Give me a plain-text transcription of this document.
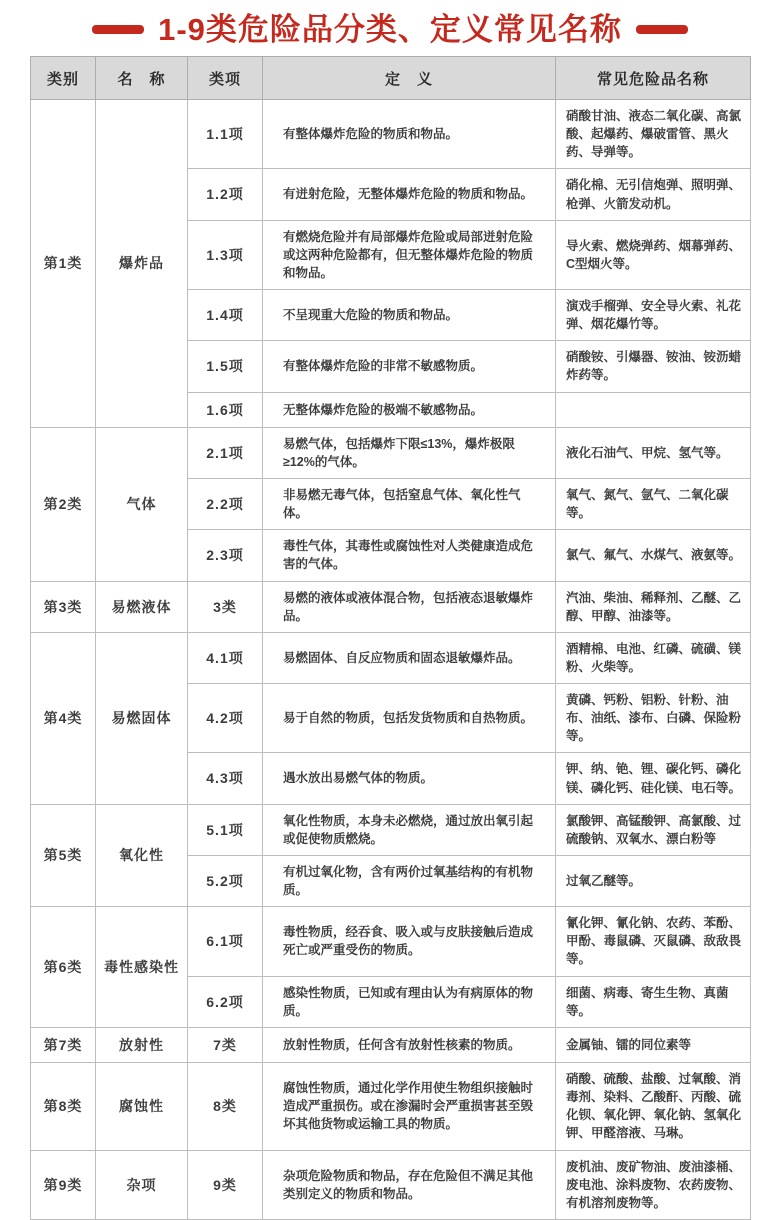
1-9类危险品分类、定义常见名称
类别	名　称	类项	定　义	常见危险品名称
第1类	爆炸品	1.1项	有整体爆炸危险的物质和物品。	硝酸甘油、液态二氧化碳、高氯酸、起爆药、爆破雷管、黑火药、导弹等。
		1.2项	有迸射危险，无整体爆炸危险的物质和物品。	硝化棉、无引信炮弹、照明弹、枪弹、火箭发动机。
		1.3项	有燃烧危险并有局部爆炸危险或局部迸射危险或这两种危险都有，但无整体爆炸危险的物质和物品。	导火索、燃烧弹药、烟幕弹药、C型烟火等。
		1.4项	不呈现重大危险的物质和物品。	演戏手榴弹、安全导火索、礼花弹、烟花爆竹等。
		1.5项	有整体爆炸危险的非常不敏感物质。	硝酸铵、引爆器、铵油、铵沥蜡炸药等。
		1.6项	无整体爆炸危险的极端不敏感物品。	
第2类	气体	2.1项	易燃气体，包括爆炸下限≤13%，爆炸极限≥12%的气体。	液化石油气、甲烷、氢气等。
		2.2项	非易燃无毒气体，包括窒息气体、氧化性气体。	氧气、氮气、氩气、二氧化碳等。
		2.3项	毒性气体，其毒性或腐蚀性对人类健康造成危害的气体。	氯气、氟气、水煤气、液氨等。
第3类	易燃液体	3类	易燃的液体或液体混合物，包括液态退敏爆炸品。	汽油、柴油、稀释剂、乙醚、乙醇、甲醇、油漆等。
第4类	易燃固体	4.1项	易燃固体、自反应物质和固态退敏爆炸品。	酒精棉、电池、红磷、硫磺、镁粉、火柴等。
		4.2项	易于自然的物质，包括发货物质和自热物质。	黄磷、钙粉、铝粉、针粉、油布、油纸、漆布、白磷、保险粉等。
		4.3项	遇水放出易燃气体的物质。	钾、纳、铯、锂、碳化钙、磷化镁、磷化钙、硅化镁、电石等。
第5类	氧化性	5.1项	氧化性物质，本身未必燃烧，通过放出氧引起或促使物质燃烧。	氯酸钾、高锰酸钾、高氯酸、过硫酸钠、双氧水、漂白粉等
		5.2项	有机过氧化物，含有两价过氧基结构的有机物质。	过氧乙醚等。
第6类	毒性感染性	6.1项	毒性物质，经吞食、吸入或与皮肤接触后造成死亡或严重受伤的物质。	氰化钾、氰化钠、农药、苯酚、甲酚、毒鼠磷、灭鼠磷、敌敌畏等。
		6.2项	感染性物质，已知或有理由认为有病原体的物质。	细菌、病毒、寄生生物、真菌等。
第7类	放射性	7类	放射性物质，任何含有放射性核素的物质。	金属铀、镭的同位素等
第8类	腐蚀性	8类	腐蚀性物质，通过化学作用使生物组织接触时造成严重损伤。或在渗漏时会严重损害甚至毁坏其他货物或运输工具的物质。	硝酸、硫酸、盐酸、过氧酸、消毒剂、染料、乙酸酐、丙酸、硫化钡、氧化钾、氧化钠、氢氧化钾、甲醛溶液、马琳。
第9类	杂项	9类	杂项危险物质和物品，存在危险但不满足其他类别定义的物质和物品。	废机油、废矿物油、废油漆桶、废电池、涂料废物、农药废物、有机溶剂废物等。
